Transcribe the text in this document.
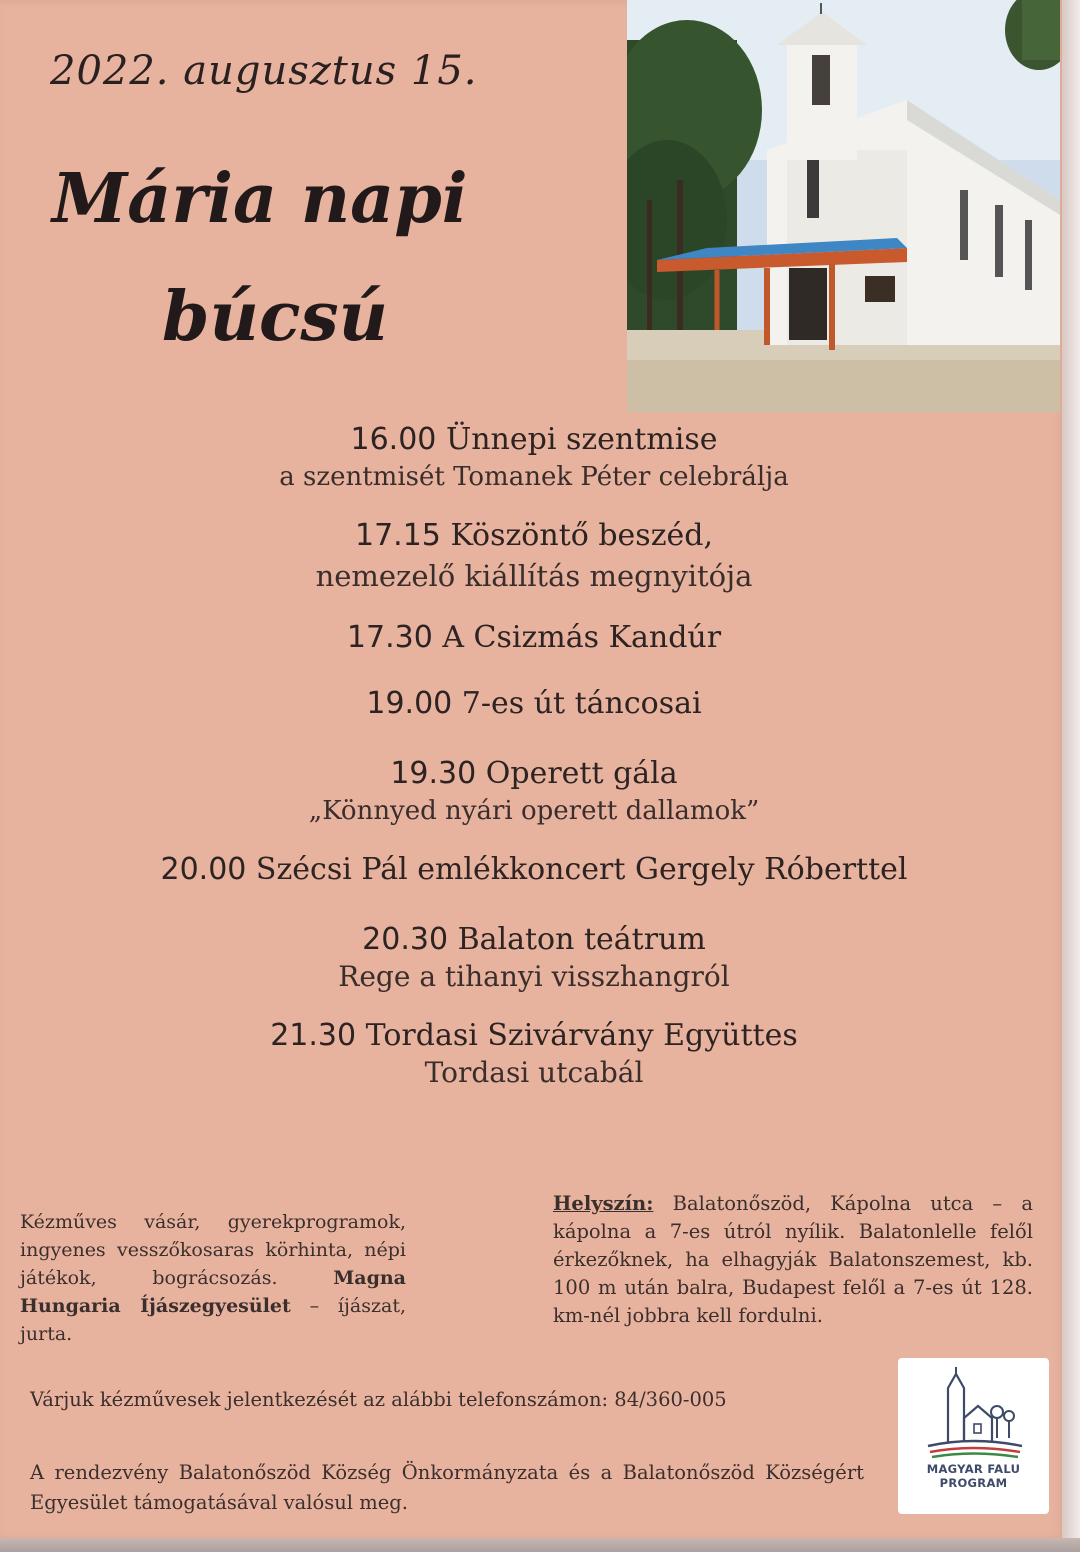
2022. augusztus 15.
Mária napi
búcsú
16.00 Ünnepi szentmise
a szentmisét Tomanek Péter celebrálja
17.15 Köszöntő beszéd,
nemezelő kiállítás megnyitója
17.30 A Csizmás Kandúr
19.00 7-es út táncosai
19.30 Operett gála
„Könnyed nyári operett dallamok”
20.00 Szécsi Pál emlékkoncert Gergely Róberttel
20.30 Balaton teátrum
Rege a tihanyi visszhangról
21.30 Tordasi Szivárvány Együttes
Tordasi utcabál
Kézműves vásár, gyerekprogramok, ingyenes vesszőkosaras körhinta, népi játékok, bográcsozás.	Magna Hungaria Íjászegyesület – íjászat, jurta.
Helyszín: Balatonőszöd, Kápolna utca – a kápolna a 7-es útról nyílik. Balatonlelle felől érkezőknek, ha elhagyják Balatonszemest, kb. 100 m után balra, Budapest felől a 7-es út 128. km-nél jobbra kell fordulni.
Várjuk kézművesek jelentkezését az alábbi telefonszámon: 84/360-005
A rendezvény Balatonőszöd Község Önkormányzata és a Balatonőszöd Községért Egyesület támogatásával valósul meg.
MAGYAR FALU
PROGRAM
